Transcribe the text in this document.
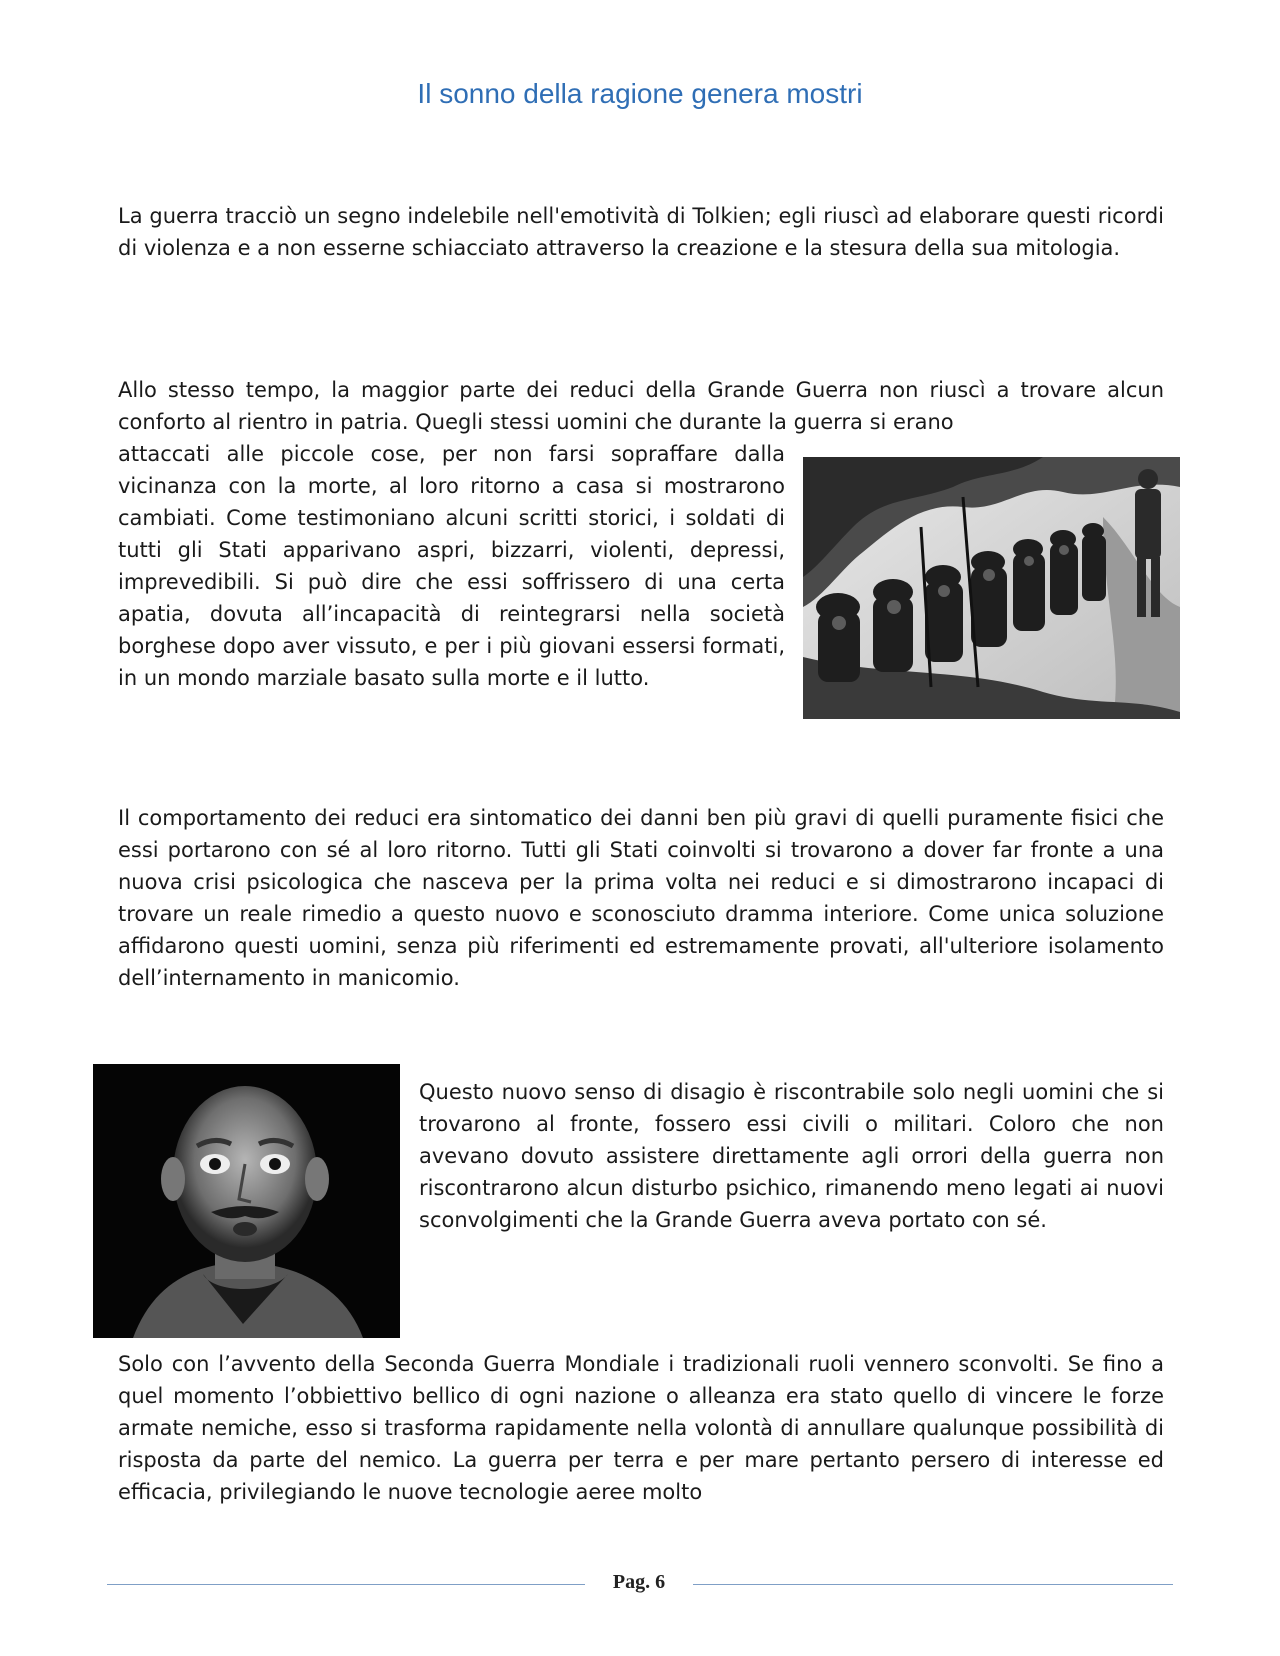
Il sonno della ragione genera mostri

La guerra tracciò un segno indelebile nell'emotività di Tolkien; egli riuscì ad elaborare questi ricordi di violenza e a non esserne schiacciato attraverso la creazione e la stesura della sua mitologia.

Allo stesso tempo, la maggior parte dei reduci della Grande Guerra non riuscì a trovare alcun conforto al rientro in patria. Quegli stessi uomini che durante la guerra si erano

attaccati alle piccole cose, per non farsi sopraffare dalla vicinanza con la morte, al loro ritorno a casa si mostrarono cambiati. Come testimoniano alcuni scritti storici, i soldati di tutti gli Stati apparivano aspri, bizzarri, violenti, depressi, imprevedibili. Si può dire che essi soffrissero di una certa apatia, dovuta all’incapacità di reintegrarsi nella società borghese dopo aver vissuto, e per i più giovani essersi formati, in un mondo marziale basato sulla morte e il lutto.

Il comportamento dei reduci era sintomatico dei danni ben più gravi di quelli puramente fisici che essi portarono con sé al loro ritorno. Tutti gli Stati coinvolti si trovarono a dover far fronte a una nuova crisi psicologica che nasceva per la prima volta nei reduci e si dimostrarono incapaci di trovare un reale rimedio a questo nuovo e sconosciuto dramma interiore. Come unica soluzione affidarono questi uomini, senza più riferimenti ed estremamente provati, all'ulteriore isolamento dell’internamento in manicomio.

Questo nuovo senso di disagio è riscontrabile solo negli uomini che si trovarono al fronte, fossero essi civili o militari. Coloro che non avevano dovuto assistere direttamente agli orrori della guerra non riscontrarono alcun disturbo psichico, rimanendo meno legati ai nuovi sconvolgimenti che la Grande Guerra aveva portato con sé.

Solo con l’avvento della Seconda Guerra Mondiale i tradizionali ruoli vennero sconvolti. Se fino a quel momento l’obbiettivo bellico di ogni nazione o alleanza era stato quello di vincere le forze armate nemiche, esso si trasforma rapidamente nella volontà di annullare qualunque possibilità di risposta da parte del nemico. La guerra per terra e per mare pertanto persero di interesse ed efficacia, privilegiando le nuove tecnologie aeree molto

Pag. 6
